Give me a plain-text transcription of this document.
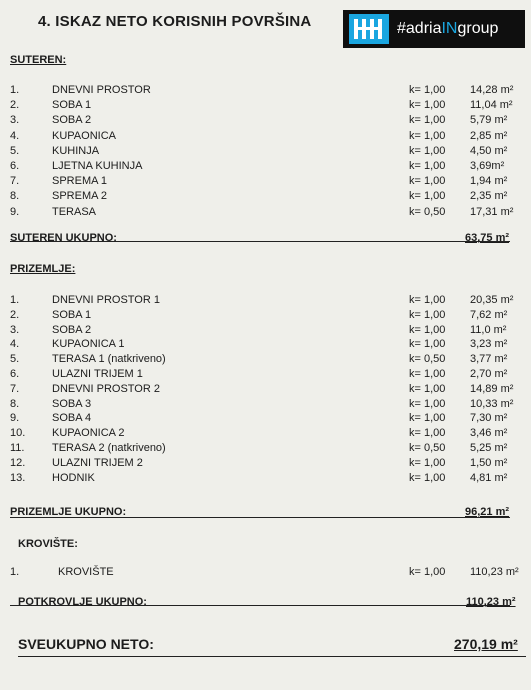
4. ISKAZ NETO KORISNIH POVRŠINA	#adriaINgroup
SUTEREN:
1.	DNEVNI PROSTOR	k= 1,00 14,28 m²
2.	SOBA 1	k= 1,00 11,04 m²
3.	SOBA 2	k= 1,00 5,79 m²
4.	KUPAONICA	k= 1,00 2,85 m²
5.	KUHINJA	k= 1,00 4,50 m²
6.	LJETNA KUHINJA	k= 1,00 3,69m²
7.	SPREMA 1	k= 1,00 1,94 m²
8.	SPREMA 2	k= 1,00 2,35 m²
9.	TERASA	k= 0,50 17,31 m²
SUTEREN UKUPNO:	63,75 m²
PRIZEMLJE:
1.	DNEVNI PROSTOR 1	k= 1,00 20,35 m²
2.	SOBA 1	k= 1,00 7,62 m²
3.	SOBA 2	k= 1,00 11,0 m²
4.	KUPAONICA 1	k= 1,00 3,23 m²
5.	TERASA 1 (natkriveno)	k= 0,50 3,77 m²
6.	ULAZNI TRIJEM 1	k= 1,00 2,70 m²
7.	DNEVNI PROSTOR 2	k= 1,00 14,89 m²
8.	SOBA 3	k= 1,00 10,33 m²
9.	SOBA 4	k= 1,00 7,30 m²
10. KUPAONICA 2	k= 1,00 3,46 m²
11.	TERASA 2 (natkriveno)	k= 0,50 5,25 m²
12. ULAZNI TRIJEM 2	k= 1,00 1,50 m²
13. HODNIK	k= 1,00 4,81 m²
PRIZEMLJE UKUPNO:	96,21 m²
KROVIŠTE:
1.	KROVIŠTE	k= 1,00 110,23 m²
POTKROVLJE UKUPNO:	110,23 m²
SVEUKUPNO NETO:	270,19 m²
